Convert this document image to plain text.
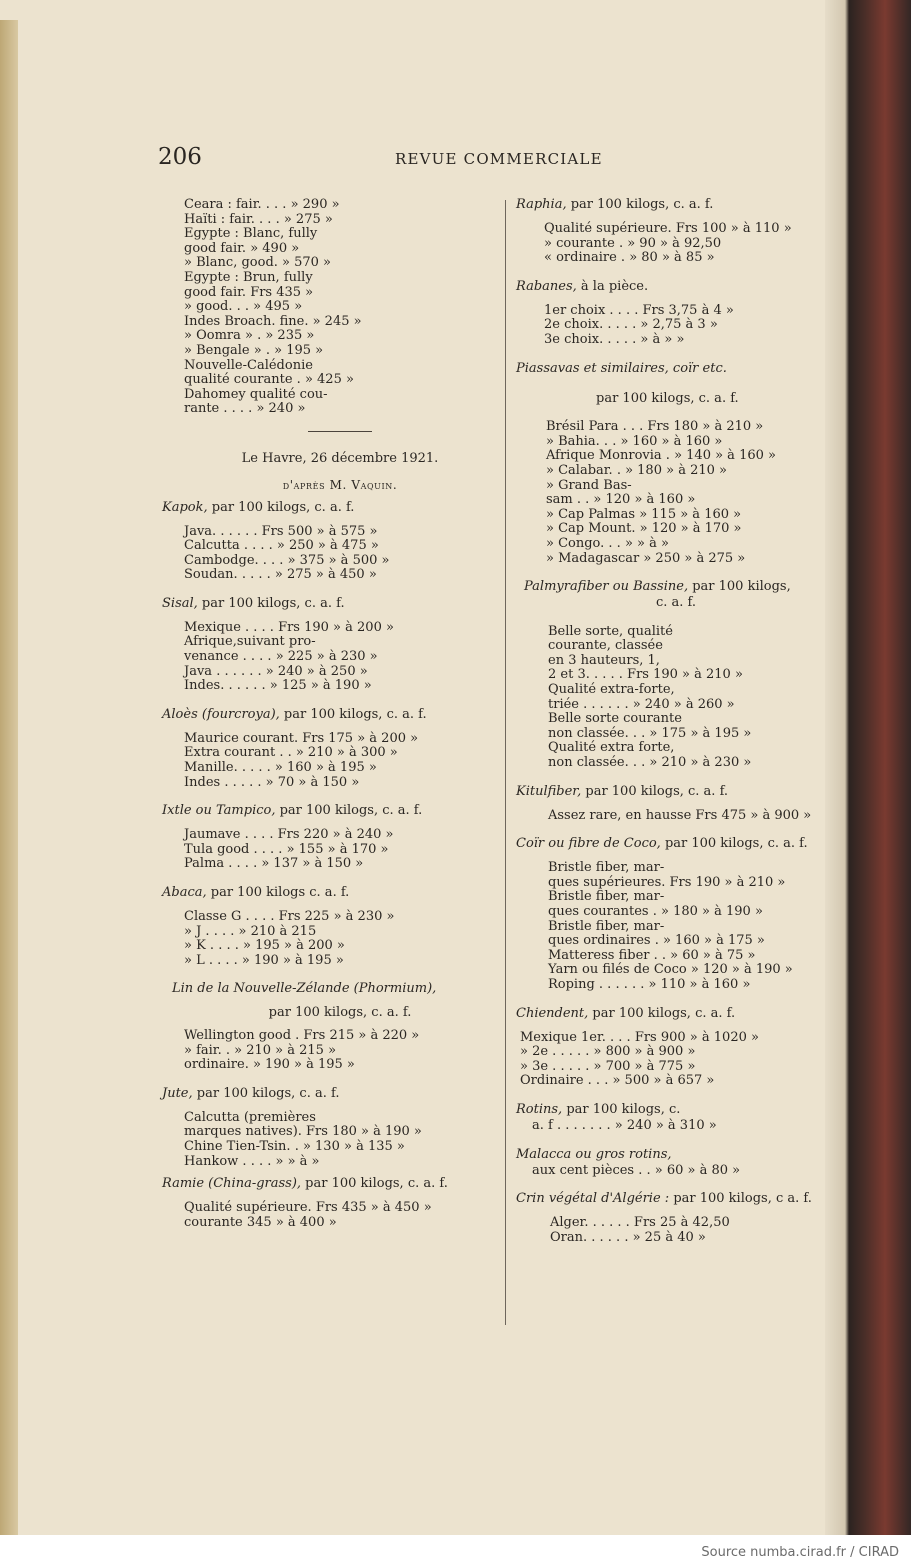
206	REVUE COMMERCIALE
Ceara : fair. . . . » 290 »
Haïti : fair. . . . » 275 »
Egypte : Blanc, fully
good fair. » 490 »
» Blanc, good. » 570 »
Egypte : Brun, fully
good fair. Frs 435 »
» good. . . » 495 »
Indes Broach. fine. » 245 »
» Oomra » . » 235 »
» Bengale » . » 195 »
Nouvelle-Calédonie
qualité courante . » 425 »
Dahomey qualité cou-
rante . . . . » 240 »
Le Havre, 26 décembre 1921.
d'après M. Vaquin.
Kapok, par 100 kilogs, c. a. f.
Java. . . . . . Frs 500 » à 575 »
Calcutta . . . . » 250 » à 475 »
Cambodge. . . . » 375 » à 500 »
Soudan. . . . . » 275 » à 450 »
Sisal, par 100 kilogs, c. a. f.
Mexique . . . . Frs 190 » à 200 »
Afrique,suivant pro-
venance . . . . » 225 » à 230 »
Java . . . . . . » 240 » à 250 »
Indes. . . . . . » 125 » à 190 »
Aloès (fourcroya), par 100 kilogs, c. a. f.
Maurice courant. Frs 175 » à 200 »
Extra courant . . » 210 » à 300 »
Manille. . . . . » 160 » à 195 »
Indes . . . . . » 70 » à 150 »
Ixtle ou Tampico, par 100 kilogs, c. a. f.
Jaumave . . . . Frs 220 » à 240 »
Tula good . . . . » 155 » à 170 »
Palma . . . . » 137 » à 150 »
Abaca, par 100 kilogs c. a. f.
Classe G . . . . Frs 225 » à 230 »
» J . . . . » 210 à 215
» K . . . . » 195 » à 200 »
» L . . . . » 190 » à 195 »
Lin de la Nouvelle-Zélande (Phormium),
par 100 kilogs, c. a. f.
Wellington good . Frs 215 » à 220 »
» fair. . » 210 » à 215 »
ordinaire. » 190 » à 195 »
Jute, par 100 kilogs, c. a. f.
Calcutta (premières
marques natives). Frs 180 » à 190 »
Chine Tien-Tsin. . » 130 » à 135 »
Hankow . . . . » » à »
Ramie (China-grass), par 100 kilogs, c. a. f.
Qualité supérieure. Frs 435 » à 450 »
courante 345 » à 400 »
Raphia, par 100 kilogs, c. a. f.
Qualité supérieure. Frs 100 » à 110 »
» courante . » 90 » à 92,50
« ordinaire . » 80 » à 85 »
Rabanes, à la pièce.
1er choix . . . . Frs 3,75 à 4 »
2e choix. . . . . » 2,75 à 3 »
3e choix. . . . . » à » »
Piassavas et similaires, coïr etc.
par 100 kilogs, c. a. f.
Brésil Para . . . Frs 180 » à 210 »
» Bahia. . . » 160 » à 160 »
Afrique Monrovia . » 140 » à 160 »
» Calabar. . » 180 » à 210 »
» Grand Bas-
sam . . » 120 » à 160 »
» Cap Palmas » 115 » à 160 »
» Cap Mount. » 120 » à 170 »
» Congo. . . » » à »
» Madagascar » 250 » à 275 »
Palmyrafiber ou Bassine, par 100 kilogs,
c. a. f.
Belle sorte, qualité
courante, classée
en 3 hauteurs, 1,
2 et 3. . . . . Frs 190 » à 210 »
Qualité extra-forte,
triée . . . . . . » 240 » à 260 »
Belle sorte courante
non classée. . . » 175 » à 195 »
Qualité extra forte,
non classée. . . » 210 » à 230 »
Kitulfiber, par 100 kilogs, c. a. f.
Assez rare, en hausse Frs 475 » à 900 »
Coïr ou fibre de Coco, par 100 kilogs, c. a. f.
Bristle fiber, mar-
ques supérieures. Frs 190 » à 210 »
Bristle fiber, mar-
ques courantes . » 180 » à 190 »
Bristle fiber, mar-
ques ordinaires . » 160 » à 175 »
Matteress fiber . . » 60 » à 75 »
Yarn ou filés de Coco » 120 » à 190 »
Roping . . . . . . » 110 » à 160 »
Chiendent, par 100 kilogs, c. a. f.
Mexique 1er. . . . Frs 900 » à 1020 »
» 2e . . . . . » 800 » à 900 »
» 3e . . . . . » 700 » à 775 »
Ordinaire . . . » 500 » à 657 »
Rotins, par 100 kilogs, c.
a. f . . . . . . . » 240 » à 310 »
Malacca ou gros rotins,
aux cent pièces . . » 60 » à 80 »
Crin végétal d'Algérie : par 100 kilogs, c a. f.
Alger. . . . . . Frs 25 à 42,50
Oran. . . . . . » 25 à 40 »
Source numba.cirad.fr / CIRAD
